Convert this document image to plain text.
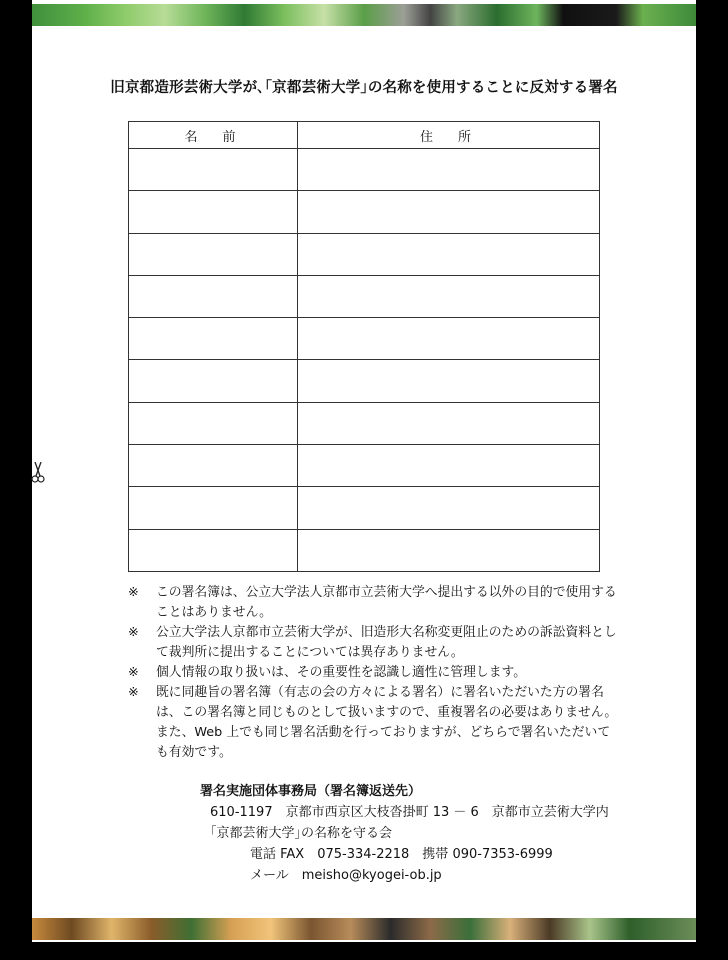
旧京都造形芸術大学が､｢京都芸術大学｣の名称を使用することに反対する署名
名　前	住　所

※	この署名簿は、公立大学法人京都市立芸術大学へ提出する以外の目的で使用することはありません。
※	公立大学法人京都市立芸術大学が、旧造形大名称変更阻止のための訴訟資料として裁判所に提出することについては異存ありません。
※	個人情報の取り扱いは、その重要性を認識し適性に管理します。
※	既に同趣旨の署名簿（有志の会の方々による署名）に署名いただいた方の署名は、この署名簿と同じものとして扱いますので、重複署名の必要はありません。また、Web 上でも同じ署名活動を行っておりますが、どちらで署名いただいても有効です。
署名実施団体事務局（署名簿返送先）
610-1197　京都市西京区大枝沓掛町 13 － 6　京都市立芸術大学内
｢京都芸術大学｣の名称を守る会
電話 FAX　075-334-2218　携帯 090-7353-6999
メール　meisho@kyogei-ob.jp
